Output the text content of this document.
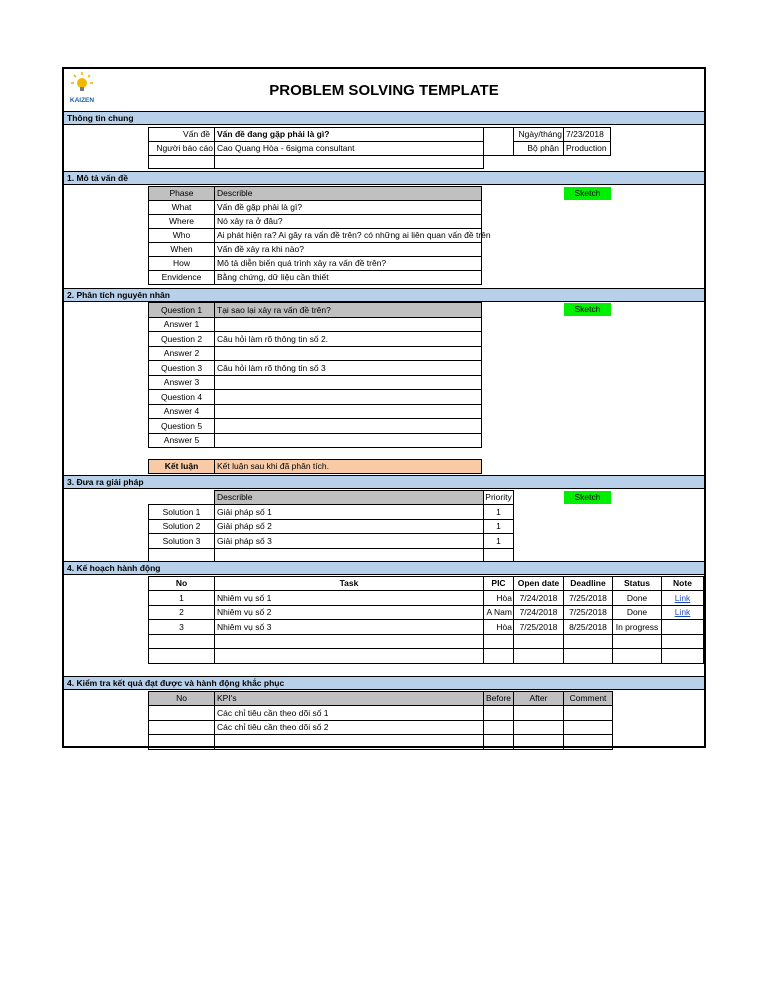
KAIZEN
PROBLEM SOLVING TEMPLATE
Thông tin chung
Vấn đề Vấn đề đang gặp phải là gì?
Người báo cáo Cao Quang Hòa - 6sigma consultant
Ngày/tháng 7/23/2018
Bộ phận Production
1. Mô tả vấn đề
Phase	Describle	Sketch
What	Vấn đề gặp phải là gì?
Where	Nó xảy ra ở đâu?
Who	Ai phát hiện ra? Ai gây ra vấn đề trên? có những ai liên quan vấn đề trên
When	Vấn đề xảy ra khi nào?
How	Mô tả diễn biến quá trình xảy ra vấn đề trên?
Envidence	Bằng chứng, dữ liệu cần thiết
2. Phân tích nguyên nhân
Sketch
Question 1	Tại sao lại xảy ra vấn đề trên?
Answer 1
Question 2	Câu hỏi làm rõ thông tin số 2.
Answer 2
Question 3	Câu hỏi làm rõ thông tin số 3
Answer 3
Question 4
Answer 4
Question 5
Answer 5
Kết luận	Kết luận sau khi đã phân tích.
3. Đưa ra giải pháp
Describle	Priority	Sketch
Solution 1	Giải pháp số 1	1
Solution 2	Giải pháp số 2	1
Solution 3	Giải pháp số 3	1
4. Kế hoạch hành động
No	Task	PIC	Open date	Deadline	Status	Note
1	Nhiêm vụ số 1	Hòa 7/24/2018	7/25/2018	Done	Link
2	Nhiêm vụ số 2	A Nam 7/24/2018	7/25/2018	Done	Link
3	Nhiêm vụ số 3	Hòa 7/25/2018	8/25/2018	In progress
4. Kiểm tra kết quả đạt được và hành động khắc phục
No	KPI's	Before	After	Comment
Các chỉ tiêu cần theo dõi số 1
Các chỉ tiêu cần theo dõi số 2
